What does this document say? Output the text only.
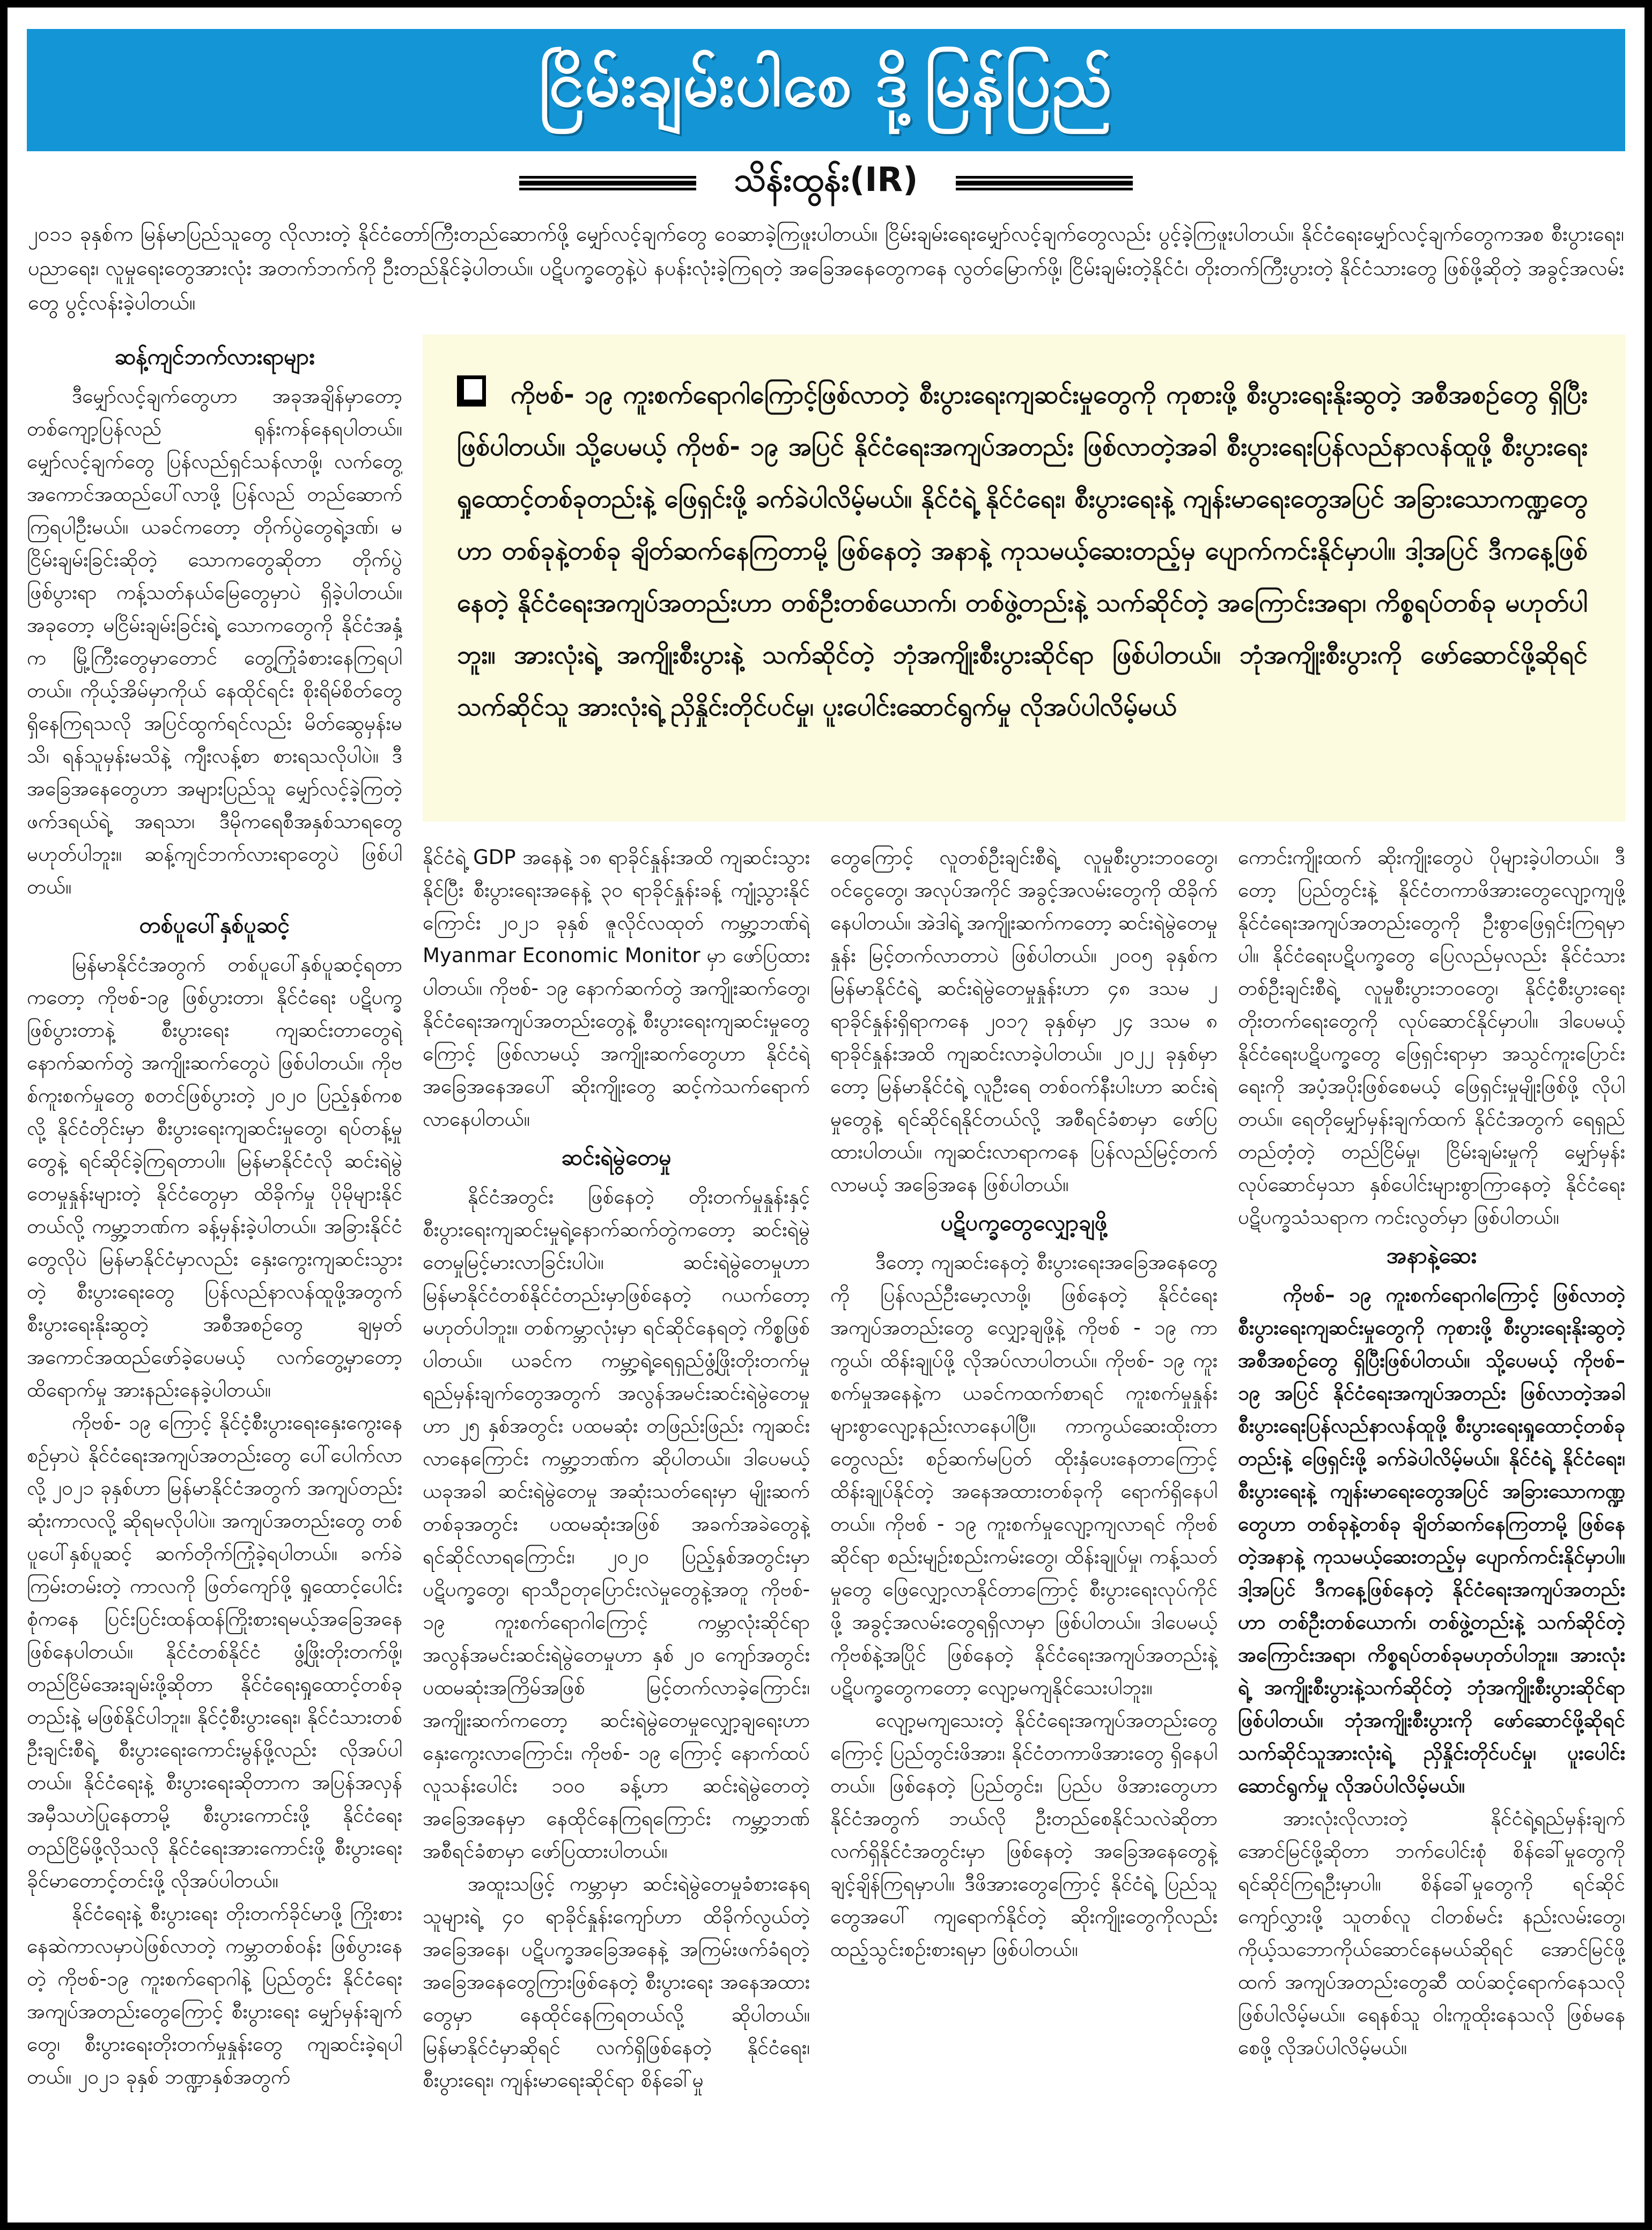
ငြိမ်းချမ်းပါစေ ဒို့မြန်ပြည်
သိန်းထွန်း(IR)
၂၀၁၁ ခုနှစ်က မြန်မာပြည်သူတွေ လိုလားတဲ့ နိုင်ငံတော်ကြီးတည်ဆောက်ဖို့ မျှော်လင့်ချက်တွေ ဝေဆာခဲ့ကြဖူးပါတယ်။ ငြိမ်းချမ်းရေးမျှော်လင့်ချက်တွေလည်း ပွင့်ခဲ့ကြဖူးပါတယ်။ နိုင်ငံရေးမျှော်လင့်ချက်တွေကအစ စီးပွားရေး၊ ပညာရေး၊ လူမှုရေးတွေအားလုံး အတက်ဘက်ကို ဦးတည်နိုင်ခဲ့ပါတယ်။ ပဋိပက္ခတွေနဲ့ပဲ နပန်းလုံးခဲ့ကြရတဲ့ အခြေအနေတွေကနေ လွတ်မြောက်ဖို့၊ ငြိမ်းချမ်းတဲ့နိုင်ငံ၊ တိုးတက်ကြီးပွားတဲ့ နိုင်ငံသားတွေ ဖြစ်ဖို့ဆိုတဲ့ အခွင့်အလမ်းတွေ ပွင့်လန်းခဲ့ပါတယ်။
ဆန့်ကျင်ဘက်လားရာများ

ဒီမျှော်လင့်ချက်တွေဟာ အခုအချိန်မှာတော့ တစ်ကျော့ပြန်လည် ရုန်းကန်နေရပါတယ်။ မျှော်လင့်ချက်တွေ ပြန်လည်ရှင်သန်လာဖို့၊ လက်တွေ့အကောင်အထည်ပေါ်လာဖို့ ပြန်လည် တည်ဆောက်ကြရပါဦးမယ်။ ယခင်ကတော့ တိုက်ပွဲတွေရဲ့ဒဏ်၊ မငြိမ်းချမ်းခြင်းဆိုတဲ့ သောကတွေဆိုတာ တိုက်ပွဲဖြစ်ပွားရာ ကန့်သတ်နယ်မြေတွေမှာပဲ ရှိခဲ့ပါတယ်။ အခုတော့ မငြိမ်းချမ်းခြင်းရဲ့ သောကတွေကို နိုင်ငံအနှံ့က မြို့ကြီးတွေမှာတောင် တွေ့ကြုံခံစားနေကြရပါတယ်။ ကိုယ့်အိမ်မှာကိုယ် နေထိုင်ရင်း စိုးရိမ်စိတ်တွေ ရှိနေကြရသလို အပြင်ထွက်ရင်လည်း မိတ်ဆွေမှန်းမသိ၊ ရန်သူမှန်းမသိနဲ့ ကျီးလန့်စာ စားရသလိုပါပဲ။ ဒီအခြေအနေတွေဟာ အများပြည်သူ မျှော်လင့်ခဲ့ကြတဲ့ ဖက်ဒရယ်ရဲ့ အရသာ၊ ဒီမိုကရေစီအနှစ်သာရတွေ မဟုတ်ပါဘူး။ ဆန့်ကျင်ဘက်လားရာတွေပဲ ဖြစ်ပါတယ်။

တစ်ပူပေါ်နှစ်ပူဆင့်

မြန်မာနိုင်ငံအတွက် တစ်ပူပေါ်နှစ်ပူဆင့်ရတာကတော့ ကိုဗစ်-၁၉ ဖြစ်ပွားတာ၊ နိုင်ငံရေး ပဋိပက္ခ ဖြစ်ပွားတာနဲ့ စီးပွားရေး ကျဆင်းတာတွေရဲ့ နောက်ဆက်တွဲ အကျိုးဆက်တွေပဲ ဖြစ်ပါတယ်။ ကိုဗစ်ကူးစက်မှုတွေ စတင်ဖြစ်ပွားတဲ့ ၂၀၂၀ ပြည့်နှစ်ကစလို့ နိုင်ငံတိုင်းမှာ စီးပွားရေးကျဆင်းမှုတွေ၊ ရပ်တန့်မှုတွေနဲ့ ရင်ဆိုင်ခဲ့ကြရတာပါ။ မြန်မာနိုင်ငံလို ဆင်းရဲမွဲတေမှုနှုန်းများတဲ့ နိုင်ငံတွေမှာ ထိခိုက်မှု ပိုမိုများနိုင်တယ်လို့ ကမ္ဘာ့ဘဏ်က ခန့်မှန်းခဲ့ပါတယ်။ အခြားနိုင်ငံတွေလိုပဲ မြန်မာနိုင်ငံမှာလည်း နှေးကွေးကျဆင်းသွားတဲ့ စီးပွားရေးတွေ ပြန်လည်နာလန်ထူဖို့အတွက် စီးပွားရေးနိုးဆွတဲ့ အစီအစဉ်တွေ ချမှတ်အကောင်အထည်ဖော်ခဲ့ပေမယ့် လက်တွေ့မှာတော့ ထိရောက်မှု အားနည်းနေခဲ့ပါတယ်။

ကိုဗစ်- ၁၉ ကြောင့် နိုင်ငံ့စီးပွားရေးနှေးကွေးနေစဉ်မှာပဲ နိုင်ငံရေးအကျပ်အတည်းတွေ ပေါ်ပေါက်လာလို့ ၂၀၂၁ ခုနှစ်ဟာ မြန်မာနိုင်ငံအတွက် အကျပ်တည်းဆုံးကာလလို့ ဆိုရမလိုပါပဲ။ အကျပ်အတည်းတွေ တစ်ပူပေါ်နှစ်ပူဆင့် ဆက်တိုက်ကြုံခဲ့ရပါတယ်။ ခက်ခဲကြမ်းတမ်းတဲ့ ကာလကို ဖြတ်ကျော်ဖို့ ရှုထောင့်ပေါင်းစုံကနေ ပြင်းပြင်းထန်ထန်ကြိုးစားရမယ့်အခြေအနေ ဖြစ်နေပါတယ်။ နိုင်ငံတစ်နိုင်ငံ ဖွံ့ဖြိုးတိုးတက်ဖို့၊ တည်ငြိမ်အေးချမ်းဖို့ဆိုတာ နိုင်ငံရေးရှုထောင့်တစ်ခုတည်းနဲ့ မဖြစ်နိုင်ပါဘူး။ နိုင်ငံ့စီးပွားရေး၊ နိုင်ငံသားတစ်ဦးချင်းစီရဲ့ စီးပွားရေးကောင်းမွန်ဖို့လည်း လိုအပ်ပါတယ်။ နိုင်ငံရေးနဲ့ စီးပွားရေးဆိုတာက အပြန်အလှန်အမှီသဟဲပြုနေတာမို့ စီးပွားကောင်းဖို့ နိုင်ငံရေးတည်ငြိမ်ဖို့လိုသလို နိုင်ငံရေးအားကောင်းဖို့ စီးပွားရေးခိုင်မာတောင့်တင်းဖို့ လိုအပ်ပါတယ်။

နိုင်ငံရေးနဲ့ စီးပွားရေး တိုးတက်ခိုင်မာဖို့ ကြိုးစားနေဆဲကာလမှာပဲဖြစ်လာတဲ့ ကမ္ဘာတစ်ဝန်း ဖြစ်ပွားနေတဲ့ ကိုဗစ်-၁၉ ကူးစက်ရောဂါနဲ့ ပြည်တွင်း နိုင်ငံရေးအကျပ်အတည်းတွေကြောင့် စီးပွားရေး မျှော်မှန်းချက်တွေ၊ စီးပွားရေးတိုးတက်မှုနှုန်းတွေ ကျဆင်းခဲ့ရပါတယ်။ ၂၀၂၁ ခုနှစ် ဘဏ္ဍာနှစ်အတွက်

ကိုဗစ်- ၁၉ ကူးစက်ရောဂါကြောင့်ဖြစ်လာတဲ့ စီးပွားရေးကျဆင်းမှုတွေကို ကုစားဖို့ စီးပွားရေးနိုးဆွတဲ့ အစီအစဉ်တွေ ရှိပြီး ဖြစ်ပါတယ်။ သို့ပေမယ့် ကိုဗစ်- ၁၉ အပြင် နိုင်ငံရေးအကျပ်အတည်း ဖြစ်လာတဲ့အခါ စီးပွားရေးပြန်လည်နာလန်ထူဖို့ စီးပွားရေးရှုထောင့်တစ်ခုတည်းနဲ့ ဖြေရှင်းဖို့ ခက်ခဲပါလိမ့်မယ်။ နိုင်ငံရဲ့ နိုင်ငံရေး၊ စီးပွားရေးနဲ့ ကျန်းမာရေးတွေအပြင် အခြားသောကဏ္ဍတွေဟာ တစ်ခုနဲ့တစ်ခု ချိတ်ဆက်နေကြတာမို့ ဖြစ်နေတဲ့ အနာနဲ့ ကုသမယ့်ဆေးတည့်မှ ပျောက်ကင်းနိုင်မှာပါ။ ဒါ့အပြင် ဒီကနေ့ဖြစ်နေတဲ့ နိုင်ငံရေးအကျပ်အတည်းဟာ တစ်ဦးတစ်ယောက်၊ တစ်ဖွဲ့တည်းနဲ့ သက်ဆိုင်တဲ့ အကြောင်းအရာ၊ ကိစ္စရပ်တစ်ခု မဟုတ်ပါဘူး။ အားလုံးရဲ့ အကျိုးစီးပွားနဲ့ သက်ဆိုင်တဲ့ ဘုံအကျိုးစီးပွားဆိုင်ရာ ဖြစ်ပါတယ်။ ဘုံအကျိုးစီးပွားကို ဖော်ဆောင်ဖို့ဆိုရင် သက်ဆိုင်သူ အားလုံးရဲ့ ညှိနှိုင်းတိုင်ပင်မှု၊ ပူးပေါင်းဆောင်ရွက်မှု လိုအပ်ပါလိမ့်မယ်

နိုင်ငံရဲ့ GDP အနေနဲ့ ၁၈ ရာခိုင်နှုန်းအထိ ကျဆင်းသွားနိုင်ပြီး စီးပွားရေးအနေနဲ့ ၃၀ ရာခိုင်နှုန်းခန့် ကျုံ့သွားနိုင်ကြောင်း ၂၀၂၁ ခုနှစ် ဇူလိုင်လထုတ် ကမ္ဘာ့ဘဏ်ရဲ့ Myanmar Economic Monitor မှာ ဖော်ပြထားပါတယ်။ ကိုဗစ်- ၁၉ နောက်ဆက်တွဲ အကျိုးဆက်တွေ၊ နိုင်ငံရေးအကျပ်အတည်းတွေနဲ့ စီးပွားရေးကျဆင်းမှုတွေကြောင့် ဖြစ်လာမယ့် အကျိုးဆက်တွေဟာ နိုင်ငံရဲ့အခြေအနေအပေါ် ဆိုးကျိုးတွေ ဆင့်ကဲသက်ရောက်လာနေပါတယ်။

ဆင်းရဲမွဲတေမှု

နိုင်ငံအတွင်း ဖြစ်နေတဲ့ တိုးတက်မှုနှုန်းနှင့် စီးပွားရေးကျဆင်းမှုရဲ့နောက်ဆက်တွဲကတော့ ဆင်းရဲမွဲတေမှုမြင့်မားလာခြင်းပါပဲ။ ဆင်းရဲမွဲတေမှုဟာ မြန်မာနိုင်ငံတစ်နိုင်ငံတည်းမှာဖြစ်နေတဲ့ ဂယက်တော့ မဟုတ်ပါဘူး။ တစ်ကမ္ဘာလုံးမှာ ရင်ဆိုင်နေရတဲ့ ကိစ္စဖြစ်ပါတယ်။ ယခင်က ကမ္ဘာ့ရဲ့ရေရှည်ဖွံ့ဖြိုးတိုးတက်မှုရည်မှန်းချက်တွေအတွက် အလွန်အမင်းဆင်းရဲမွဲတေမှုဟာ ၂၅ နှစ်အတွင်း ပထမဆုံး တဖြည်းဖြည်း ကျဆင်းလာနေကြောင်း ကမ္ဘာ့ဘဏ်က ဆိုပါတယ်။ ဒါပေမယ့် ယခုအခါ ဆင်းရဲမွဲတေမှု အဆုံးသတ်ရေးမှာ မျိုးဆက်တစ်ခုအတွင်း ပထမဆုံးအဖြစ် အခက်အခဲတွေနဲ့ ရင်ဆိုင်လာရကြောင်း၊ ၂၀၂၀ ပြည့်နှစ်အတွင်းမှာ ပဋိပက္ခတွေ၊ ရာသီဥတုပြောင်းလဲမှုတွေနဲ့အတူ ကိုဗစ်- ၁၉ ကူးစက်ရောဂါကြောင့် ကမ္ဘာလုံးဆိုင်ရာ အလွန်အမင်းဆင်းရဲမွဲတေမှုဟာ နှစ် ၂၀ ကျော်အတွင်း ပထမဆုံးအကြိမ်အဖြစ် မြင့်တက်လာခဲ့ကြောင်း၊ အကျိုးဆက်ကတော့ ဆင်းရဲမွဲတေမှုလျှော့ချရေးဟာ နှေးကွေးလာကြောင်း၊ ကိုဗစ်- ၁၉ ကြောင့် နောက်ထပ် လူသန်းပေါင်း ၁၀၀ ခန့်ဟာ ဆင်းရဲမွဲတေတဲ့ အခြေအနေမှာ နေထိုင်နေကြရကြောင်း ကမ္ဘာ့ဘဏ် အစီရင်ခံစာမှာ ဖော်ပြထားပါတယ်။

အထူးသဖြင့် ကမ္ဘာမှာ ဆင်းရဲမွဲတေမှုခံစားနေရသူများရဲ့ ၄၀ ရာခိုင်နှုန်းကျော်ဟာ ထိခိုက်လွယ်တဲ့အခြေအနေ၊ ပဋိပက္ခအခြေအနေနဲ့ အကြမ်းဖက်ခံရတဲ့ အခြေအနေတွေကြားဖြစ်နေတဲ့ စီးပွားရေး အနေအထားတွေမှာ နေထိုင်နေကြရတယ်လို့ ဆိုပါတယ်။ မြန်မာနိုင်ငံမှာဆိုရင် လက်ရှိဖြစ်နေတဲ့ နိုင်ငံရေး၊ စီးပွားရေး၊ ကျန်းမာရေးဆိုင်ရာ စိန်ခေါ်မှု

တွေကြောင့် လူတစ်ဦးချင်းစီရဲ့ လူမှုစီးပွားဘဝတွေ၊ ဝင်ငွေတွေ၊ အလုပ်အကိုင် အခွင့်အလမ်းတွေကို ထိခိုက်နေပါတယ်။ အဲဒါရဲ့ အကျိုးဆက်ကတော့ ဆင်းရဲမွဲတေမှုနှုန်း မြင့်တက်လာတာပဲ ဖြစ်ပါတယ်။ ၂၀၀၅ ခုနှစ်က မြန်မာနိုင်ငံရဲ့ ဆင်းရဲမွဲတေမှုနှုန်းဟာ ၄၈ ဒသမ ၂ ရာခိုင်နှုန်းရှိရာကနေ ၂၀၁၇ ခုနှစ်မှာ ၂၄ ဒသမ ၈ ရာခိုင်နှုန်းအထိ ကျဆင်းလာခဲ့ပါတယ်။ ၂၀၂၂ ခုနှစ်မှာတော့ မြန်မာနိုင်ငံရဲ့ လူဦးရေ တစ်ဝက်နီးပါးဟာ ဆင်းရဲမှုတွေနဲ့ ရင်ဆိုင်ရနိုင်တယ်လို့ အစီရင်ခံစာမှာ ဖော်ပြထားပါတယ်။ ကျဆင်းလာရာကနေ ပြန်လည်မြင့်တက်လာမယ့် အခြေအနေ ဖြစ်ပါတယ်။

ပဋိပက္ခတွေလျှော့ချဖို့

ဒီတော့ ကျဆင်းနေတဲ့ စီးပွားရေးအခြေအနေတွေကို ပြန်လည်ဦးမော့လာဖို့၊ ဖြစ်နေတဲ့ နိုင်ငံရေး အကျပ်အတည်းတွေ လျှော့ချဖို့နဲ့ ကိုဗစ် - ၁၉ ကာကွယ်၊ ထိန်းချုပ်ဖို့ လိုအပ်လာပါတယ်။ ကိုဗစ်- ၁၉ ကူးစက်မှုအနေနဲ့က ယခင်ကထက်စာရင် ကူးစက်မှုနှုန်း များစွာလျော့နည်းလာနေပါပြီ။ ကာကွယ်ဆေးထိုးတာတွေလည်း စဉ်ဆက်မပြတ် ထိုးနှံပေးနေတာကြောင့် ထိန်းချုပ်နိုင်တဲ့ အနေအထားတစ်ခုကို ရောက်ရှိနေပါတယ်။ ကိုဗစ် - ၁၉ ကူးစက်မှုလျော့ကျလာရင် ကိုဗစ်ဆိုင်ရာ စည်းမျဉ်းစည်းကမ်းတွေ၊ ထိန်းချုပ်မှု၊ ကန့်သတ်မှုတွေ ဖြေလျှော့လာနိုင်တာကြောင့် စီးပွားရေးလုပ်ကိုင်ဖို့ အခွင့်အလမ်းတွေရရှိလာမှာ ဖြစ်ပါတယ်။ ဒါပေမယ့် ကိုဗစ်နဲ့အပြိုင် ဖြစ်နေတဲ့ နိုင်ငံရေးအကျပ်အတည်းနဲ့ ပဋိပက္ခတွေကတော့ လျော့မကျနိုင်သေးပါဘူး။

လျော့မကျသေးတဲ့ နိုင်ငံရေးအကျပ်အတည်းတွေကြောင့် ပြည်တွင်းဖိအား၊ နိုင်ငံတကာဖိအားတွေ ရှိနေပါတယ်။ ဖြစ်နေတဲ့ ပြည်တွင်း၊ ပြည်ပ ဖိအားတွေဟာ နိုင်ငံအတွက် ဘယ်လို ဦးတည်စေနိုင်သလဲဆိုတာ လက်ရှိနိုင်ငံအတွင်းမှာ ဖြစ်နေတဲ့ အခြေအနေတွေနဲ့ ချင့်ချိန်ကြရမှာပါ။ ဒီဖိအားတွေကြောင့် နိုင်ငံရဲ့ ပြည်သူတွေအပေါ် ကျရောက်နိုင်တဲ့ ဆိုးကျိုးတွေကိုလည်း ထည့်သွင်းစဉ်းစားရမှာ ဖြစ်ပါတယ်။

ကောင်းကျိုးထက် ဆိုးကျိုးတွေပဲ ပိုများခဲ့ပါတယ်။ ဒီတော့ ပြည်တွင်းနဲ့ နိုင်ငံတကာဖိအားတွေလျော့ကျဖို့ နိုင်ငံရေးအကျပ်အတည်းတွေကို ဦးစွာဖြေရှင်းကြရမှာပါ။ နိုင်ငံရေးပဋိပက္ခတွေ ပြေလည်မှလည်း နိုင်ငံသားတစ်ဦးချင်းစီရဲ့ လူမှုစီးပွားဘဝတွေ၊ နိုင်ငံ့စီးပွားရေး တိုးတက်ရေးတွေကို လုပ်ဆောင်နိုင်မှာပါ။ ဒါပေမယ့် နိုင်ငံရေးပဋိပက္ခတွေ ဖြေရှင်းရာမှာ အသွင်ကူးပြောင်းရေးကို အပံ့အပိုးဖြစ်စေမယ့် ဖြေရှင်းမှုမျိုးဖြစ်ဖို့ လိုပါတယ်။ ရေတိုမျှော်မှန်းချက်ထက် နိုင်ငံအတွက် ရေရှည်တည်တံ့တဲ့ တည်ငြိမ်မှု၊ ငြိမ်းချမ်းမှုကို မျှော်မှန်းလုပ်ဆောင်မှသာ နှစ်ပေါင်းများစွာကြာနေတဲ့ နိုင်ငံရေးပဋိပက္ခသံသရာက ကင်းလွတ်မှာ ဖြစ်ပါတယ်။

အနာနဲ့ဆေး

ကိုဗစ်– ၁၉ ကူးစက်ရောဂါကြောင့် ဖြစ်လာတဲ့ စီးပွားရေးကျဆင်းမှုတွေကို ကုစားဖို့ စီးပွားရေးနိုးဆွတဲ့အစီအစဉ်တွေ ရှိပြီးဖြစ်ပါတယ်။ သို့ပေမယ့် ကိုဗစ်– ၁၉ အပြင် နိုင်ငံရေးအကျပ်အတည်း ဖြစ်လာတဲ့အခါ စီးပွားရေးပြန်လည်နာလန်ထူဖို့ စီးပွားရေးရှုထောင့်တစ်ခုတည်းနဲ့ ဖြေရှင်းဖို့ ခက်ခဲပါလိမ့်မယ်။ နိုင်ငံရဲ့ နိုင်ငံရေး၊ စီးပွားရေးနဲ့ ကျန်းမာရေးတွေအပြင် အခြားသောကဏ္ဍတွေဟာ တစ်ခုနဲ့တစ်ခု ချိတ်ဆက်နေကြတာမို့ ဖြစ်နေတဲ့အနာနဲ့ ကုသမယ့်ဆေးတည့်မှ ပျောက်ကင်းနိုင်မှာပါ။ ဒါ့အပြင် ဒီကနေ့ဖြစ်နေတဲ့ နိုင်ငံရေးအကျပ်အတည်းဟာ တစ်ဦးတစ်ယောက်၊ တစ်ဖွဲ့တည်းနဲ့ သက်ဆိုင်တဲ့ အကြောင်းအရာ၊ ကိစ္စရပ်တစ်ခုမဟုတ်ပါဘူး။ အားလုံးရဲ့ အကျိုးစီးပွားနဲ့သက်ဆိုင်တဲ့ ဘုံအကျိုးစီးပွားဆိုင်ရာ ဖြစ်ပါတယ်။ ဘုံအကျိုးစီးပွားကို ဖော်ဆောင်ဖို့ဆိုရင် သက်ဆိုင်သူအားလုံးရဲ့ ညှိနှိုင်းတိုင်ပင်မှု၊ ပူးပေါင်းဆောင်ရွက်မှု လိုအပ်ပါလိမ့်မယ်။

အားလုံးလိုလားတဲ့ နိုင်ငံရဲ့ရည်မှန်းချက် အောင်မြင်ဖို့ဆိုတာ ဘက်ပေါင်းစုံ စိန်ခေါ်မှုတွေကို ရင်ဆိုင်ကြရဦးမှာပါ။ စိန်ခေါ်မှုတွေကို ရင်ဆိုင်ကျော်လွှားဖို့ သူတစ်လူ ငါတစ်မင်း နည်းလမ်းတွေ၊ ကိုယ့်သဘောကိုယ်ဆောင်နေမယ်ဆိုရင် အောင်မြင်ဖို့ထက် အကျပ်အတည်းတွေဆီ ထပ်ဆင့်ရောက်နေသလို ဖြစ်ပါလိမ့်မယ်။ ရေနစ်သူ ဝါးကူထိုးနေသလို ဖြစ်မနေစေဖို့ လိုအပ်ပါလိမ့်မယ်။
